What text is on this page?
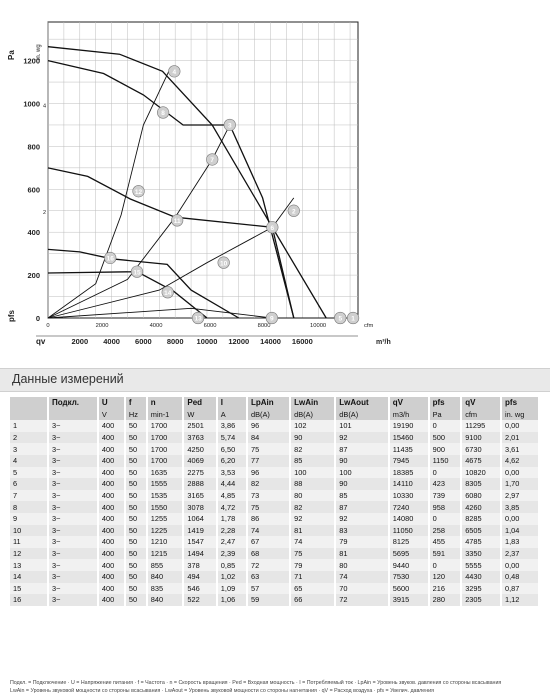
0
200
400
600
800
1000
1200
2
4
Pa	in. wg
pfs
0	2000	4000	6000	8000	10000	cfm
2000 4000 6000 8000 10000 12000 14000 16000
qv	m³/h
1
2
3
4
5
6
7
8
9
10
11
12
13
14
15
16
Данные измерений
	Подкл.	U	f	n	Ped	I	LpAin	LwAin	LwAout	qV	pfs	qV	pfs
		V	Hz	min-1	W	A	dB(A)	dB(A)	dB(A)	m3/h	Pa	cfm	in. wg
1	3~	400	50	1700	2501	3,86	96	102	101	19190	0	11295	0,00
2	3~	400	50	1700	3763	5,74	84	90	92	15460	500	9100	2,01
3	3~	400	50	1700	4250	6,50	75	82	87	11435	900	6730	3,61
4	3~	400	50	1700	4069	6,20	77	85	90	7945	1150	4675	4,62
5	3~	400	50	1635	2275	3,53	96	100	100	18385	0	10820	0,00
6	3~	400	50	1555	2888	4,44	82	88	90	14110	423	8305	1,70
7	3~	400	50	1535	3165	4,85	73	80	85	10330	739	6080	2,97
8	3~	400	50	1550	3078	4,72	75	82	87	7240	958	4260	3,85
9	3~	400	50	1255	1064	1,78	86	92	92	14080	0	8285	0,00
10	3~	400	50	1225	1419	2,28	74	81	83	11050	258	6505	1,04
11	3~	400	50	1210	1547	2,47	67	74	79	8125	455	4785	1,83
12	3~	400	50	1215	1494	2,39	68	75	81	5695	591	3350	2,37
13	3~	400	50	855	378	0,85	72	79	80	9440	0	5555	0,00
14	3~	400	50	840	494	1,02	63	71	74	7530	120	4430	0,48
15	3~	400	50	835	546	1,09	57	65	70	5600	216	3295	0,87
16	3~	400	50	840	522	1,06	59	66	72	3915	280	2305	1,12
Подкл. = Подключение · U = Напряжение питания · f = Частота · n = Скорость вращения · Ped = Входная мощность · I = Потребляемый ток · LpAin = Уровень звуков. давления со стороны всасывания
LwAin = Уровень звуковой мощности со стороны всасывания · LwAout = Уровень звуковой мощности со стороны нагнетания · qV = Расход воздуха · pfs = Увелич. давления
